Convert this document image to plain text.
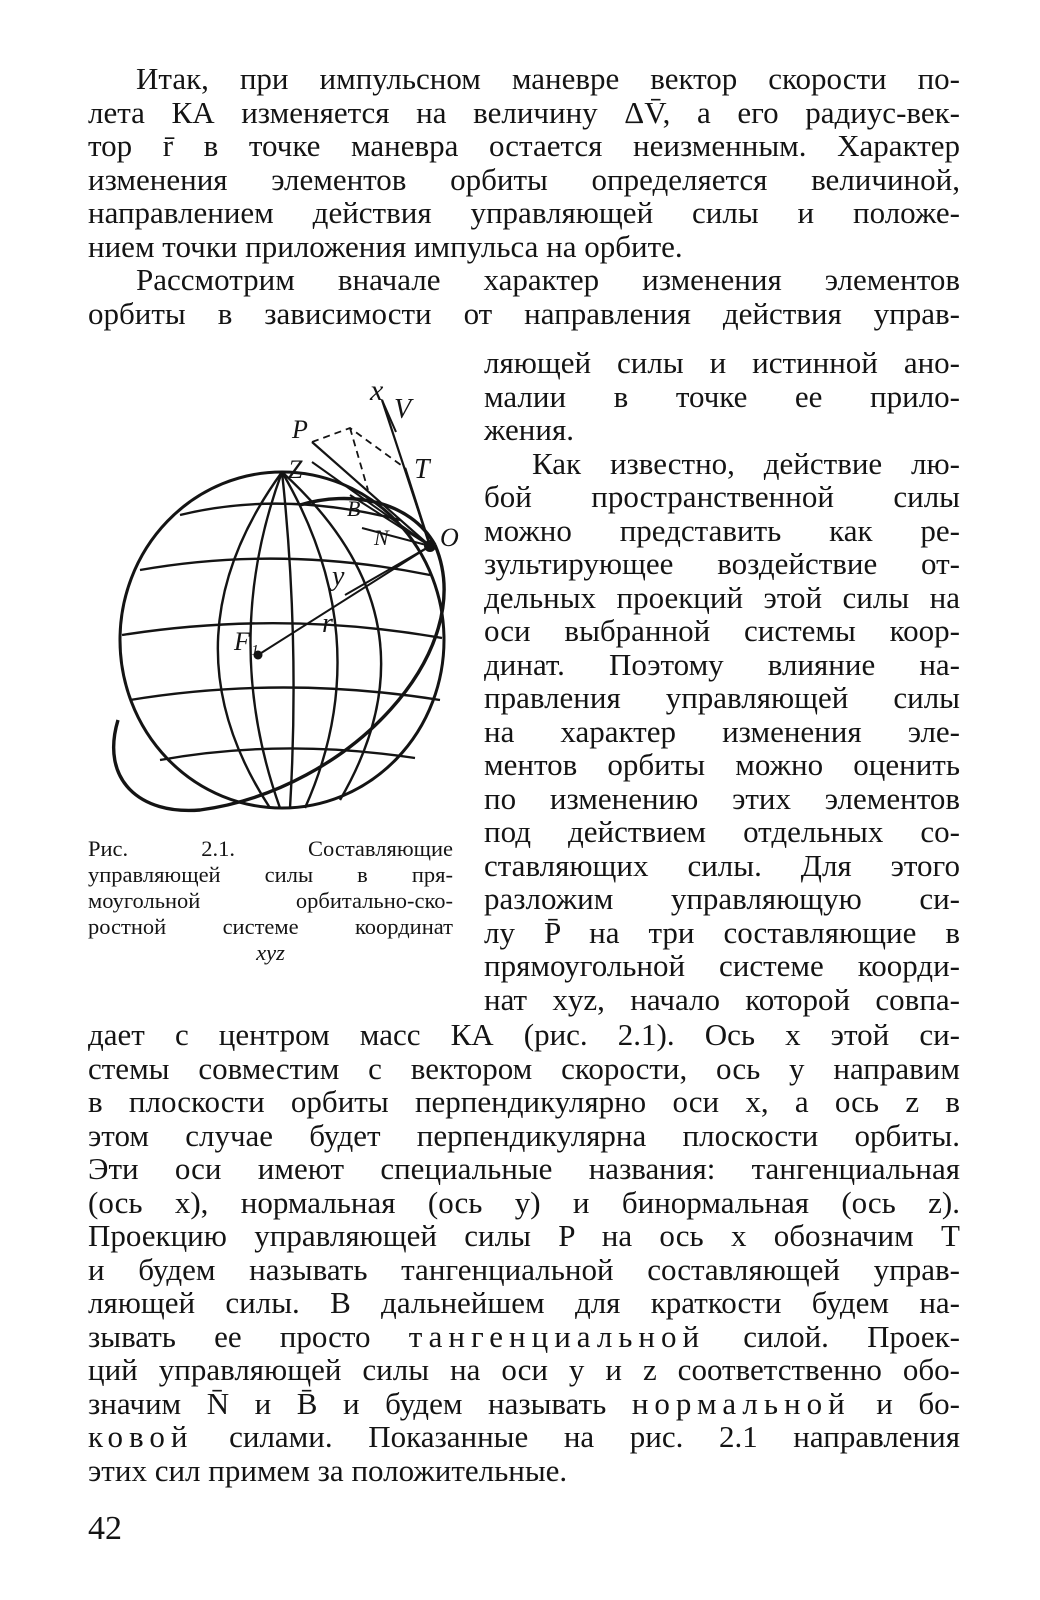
Итак, при импульсном маневре вектор скорости по-
лета КА изменяется на величину ΔV̄, а его радиус-век-
тор r̄ в точке маневра остается неизменным. Характер
изменения элементов орбиты определяется величиной,
направлением действия управляющей силы и положе-
нием точки приложения импульса на орбите.
Рассмотрим вначале характер изменения элементов
орбиты в зависимости от направления действия управ-
ляющей силы и истинной ано-
малии в точке ее прило-
жения.
Как известно, действие лю-
бой пространственной силы
можно представить как ре-
зультирующее воздействие от-
дельных проекций этой силы на
оси выбранной системы коор-
динат. Поэтому влияние на-
правления управляющей силы
на характер изменения эле-
ментов орбиты можно оценить
по изменению этих элементов
под действием отдельных со-
ставляющих силы. Для этого
разложим управляющую си-
лу P̄ на три составляющие в
прямоугольной системе коорди-
нат xyz, начало которой совпа-
x
V
P
T
Z
B
N O
y
r
F₁
Рис. 2.1. Составляющие
управляющей силы в пря-
моугольной орбитально-ско-
ростной системе координат
xyz
дает с центром масс КА (рис. 2.1). Ось x этой си-
стемы совместим с вектором скорости, ось y направим
в плоскости орбиты перпендикулярно оси x, а ось z в
этом случае будет перпендикулярна плоскости орбиты.
Эти оси имеют специальные названия: тангенциальная
(ось x), нормальная (ось y) и бинормальная (ось z).
Проекцию управляющей силы P на ось x обозначим T
и будем называть тангенциальной составляющей управ-
ляющей силы. В дальнейшем для краткости будем на-
зывать ее просто тангенциальной силой. Проек-
ций управляющей силы на оси y и z соответственно обо-
значим N̄ и B̄ и будем называть нормальной и бо-
ковой силами. Показанные на рис. 2.1 направления
этих сил примем за положительные.
42
